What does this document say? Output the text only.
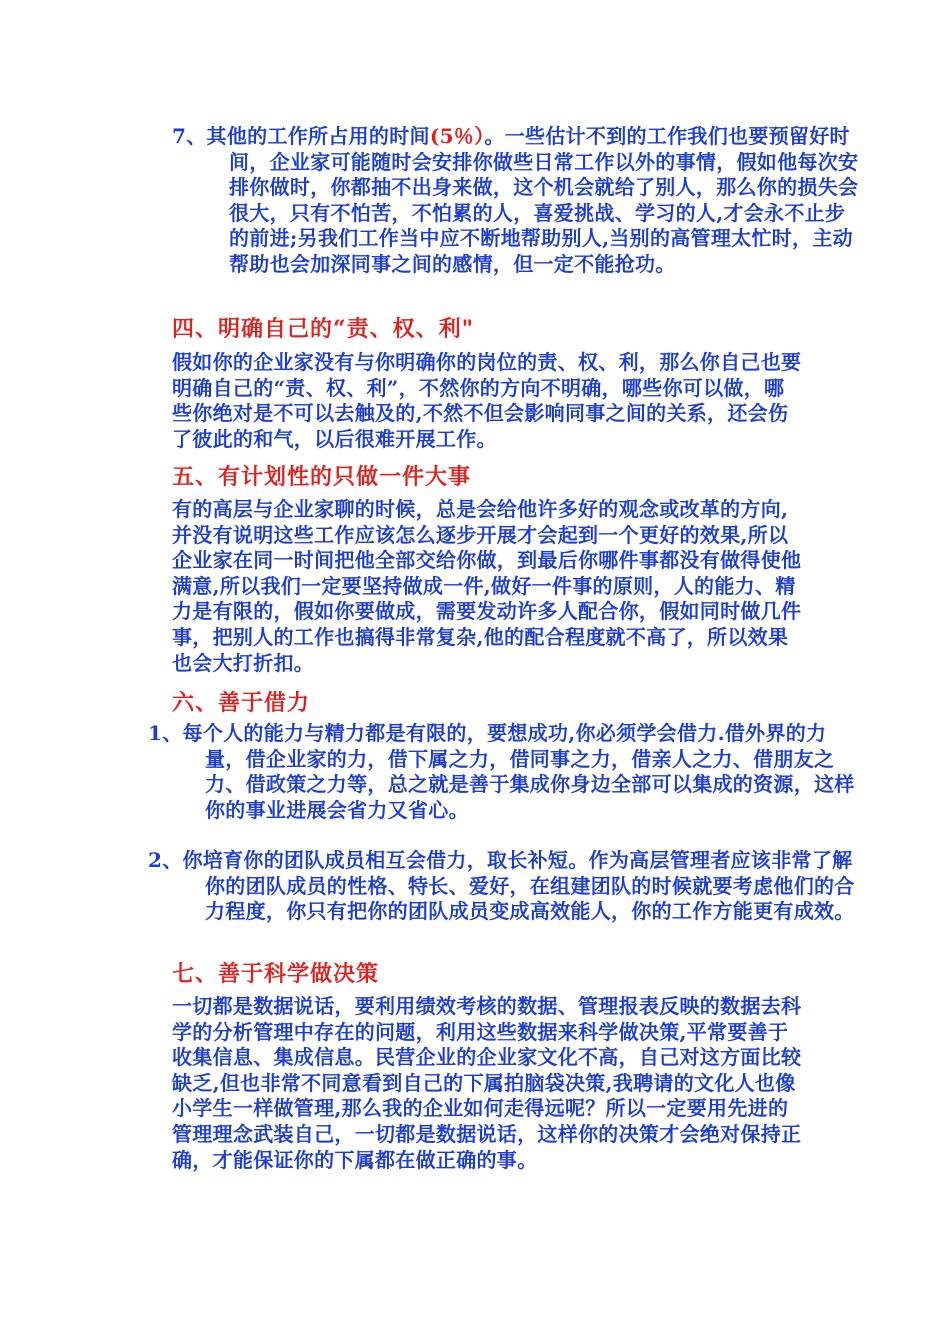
7、其他的工作所占用的时间(5％）。一些估计不到的工作我们也要预留好时间，企业家可能随时会安排你做些日常工作以外的事情，假如他每次安排你做时，你都抽不出身来做，这个机会就给了别人，那么你的损失会很大，只有不怕苦，不怕累的人，喜爱挑战、学习的人,才会永不止步的前进;另我们工作当中应不断地帮助别人,当别的高管理太忙时，主动帮助也会加深同事之间的感情，但一定不能抢功。
四、明确自己的“责、权、利"
假如你的企业家没有与你明确你的岗位的责、权、利，那么你自己也要明确自己的“责、权、利”，不然你的方向不明确，哪些你可以做，哪些你绝对是不可以去触及的,不然不但会影响同事之间的关系，还会伤了彼此的和气，以后很难开展工作。
五、有计划性的只做一件大事
有的高层与企业家聊的时候，总是会给他许多好的观念或改革的方向,并没有说明这些工作应该怎么逐步开展才会起到一个更好的效果,所以企业家在同一时间把他全部交给你做，到最后你哪件事都没有做得使他满意,所以我们一定要坚持做成一件,做好一件事的原则，人的能力、精力是有限的，假如你要做成，需要发动许多人配合你，假如同时做几件事，把别人的工作也搞得非常复杂,他的配合程度就不高了，所以效果也会大打折扣。
六、善于借力
1、每个人的能力与精力都是有限的，要想成功,你必须学会借力.借外界的力量，借企业家的力，借下属之力，借同事之力，借亲人之力、借朋友之力、借政策之力等，总之就是善于集成你身边全部可以集成的资源，这样你的事业进展会省力又省心。
2、你培育你的团队成员相互会借力，取长补短。作为高层管理者应该非常了解你的团队成员的性格、特长、爱好，在组建团队的时候就要考虑他们的合力程度，你只有把你的团队成员变成高效能人，你的工作方能更有成效。
七、善于科学做决策
一切都是数据说话，要利用绩效考核的数据、管理报表反映的数据去科学的分析管理中存在的问题，利用这些数据来科学做决策,平常要善于收集信息、集成信息。民营企业的企业家文化不高，自己对这方面比较缺乏,但也非常不同意看到自己的下属拍脑袋决策,我聘请的文化人也像小学生一样做管理,那么我的企业如何走得远呢？所以一定要用先进的管理理念武装自己，一切都是数据说话，这样你的决策才会绝对保持正确，才能保证你的下属都在做正确的事。
